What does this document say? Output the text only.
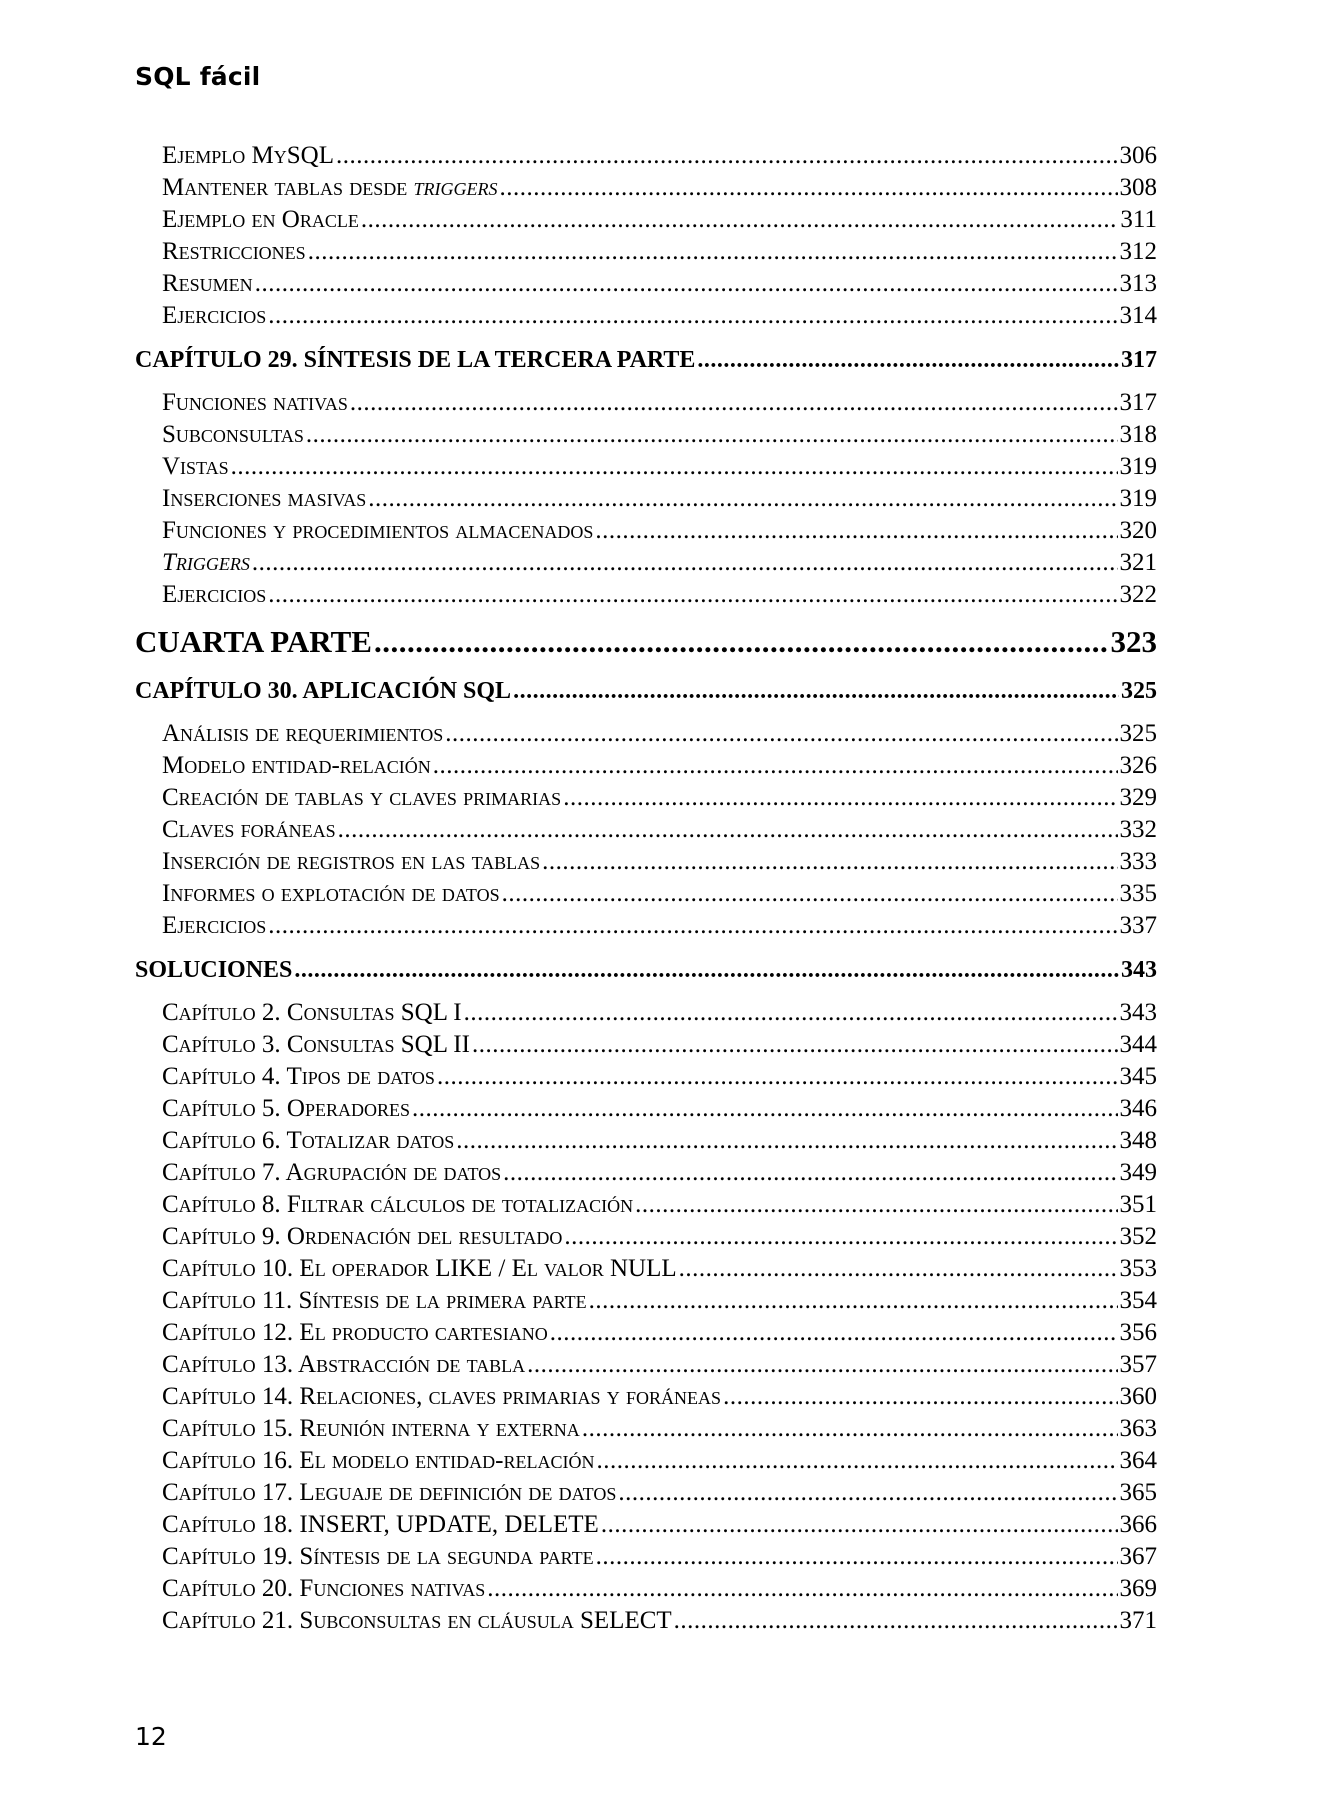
SQL fácil
Ejemplo MySQL .....	306
Mantener tablas desde triggers .....	308
Ejemplo en Oracle .....	311
Restricciones .....	312
Resumen .....	313
Ejercicios .....	314
CAPÍTULO 29. SÍNTESIS DE LA TERCERA PARTE .....	317
Funciones nativas .....	317
Subconsultas .....	318
Vistas .....	319
Inserciones masivas .....	319
Funciones y procedimientos almacenados .....	320
Triggers .....	321
Ejercicios .....	322
CUARTA PARTE .....	323
CAPÍTULO 30. APLICACIÓN SQL .....	325
Análisis de requerimientos .....	325
Modelo entidad-relación .....	326
Creación de tablas y claves primarias .....	329
Claves foráneas .....	332
Inserción de registros en las tablas .....	333
Informes o explotación de datos .....	335
Ejercicios .....	337
SOLUCIONES .....	343
Capítulo 2. Consultas SQL I .....	343
Capítulo 3. Consultas SQL II .....	344
Capítulo 4. Tipos de datos .....	345
Capítulo 5. Operadores .....	346
Capítulo 6. Totalizar datos .....	348
Capítulo 7. Agrupación de datos .....	349
Capítulo 8. Filtrar cálculos de totalización .....	351
Capítulo 9. Ordenación del resultado .....	352
Capítulo 10. El operador LIKE / El valor NULL .....	353
Capítulo 11. Síntesis de la primera parte .....	354
Capítulo 12. El producto cartesiano .....	356
Capítulo 13. Abstracción de tabla .....	357
Capítulo 14. Relaciones, claves primarias y foráneas .....	360
Capítulo 15. Reunión interna y externa .....	363
Capítulo 16. El modelo entidad-relación .....	364
Capítulo 17. Leguaje de definición de datos .....	365
Capítulo 18. INSERT, UPDATE, DELETE .....	366
Capítulo 19. Síntesis de la segunda parte .....	367
Capítulo 20. Funciones nativas .....	369
Capítulo 21. Subconsultas en cláusula SELECT .....	371
12
